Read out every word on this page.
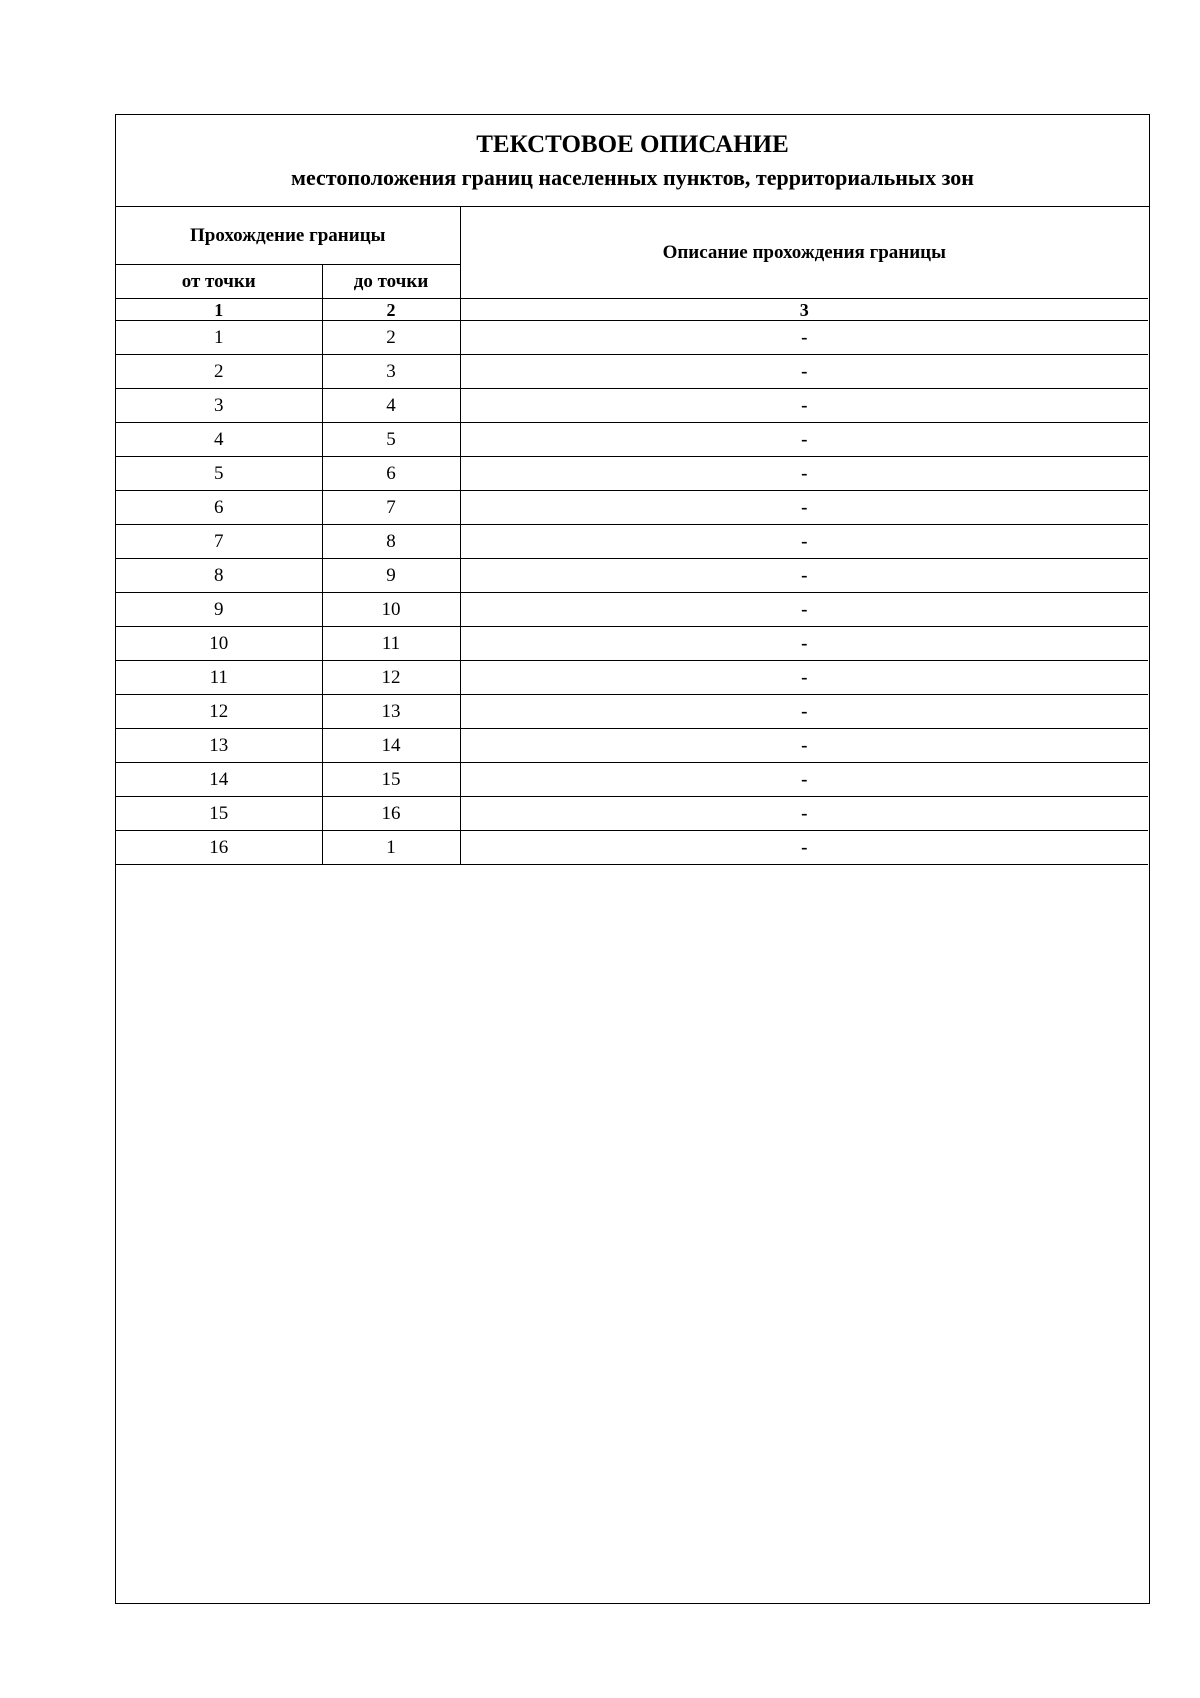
ТЕКСТОВОЕ ОПИСАНИЕ
местоположения границ населенных пунктов, территориальных зон
Прохождение границы		Описание прохождения границы
от точки	до точки	
1	2	3
1	2	-
2	3	-
3	4	-
4	5	-
5	6	-
6	7	-
7	8	-
8	9	-
9	10	-
10	11	-
11	12	-
12	13	-
13	14	-
14	15	-
15	16	-
16	1	-
